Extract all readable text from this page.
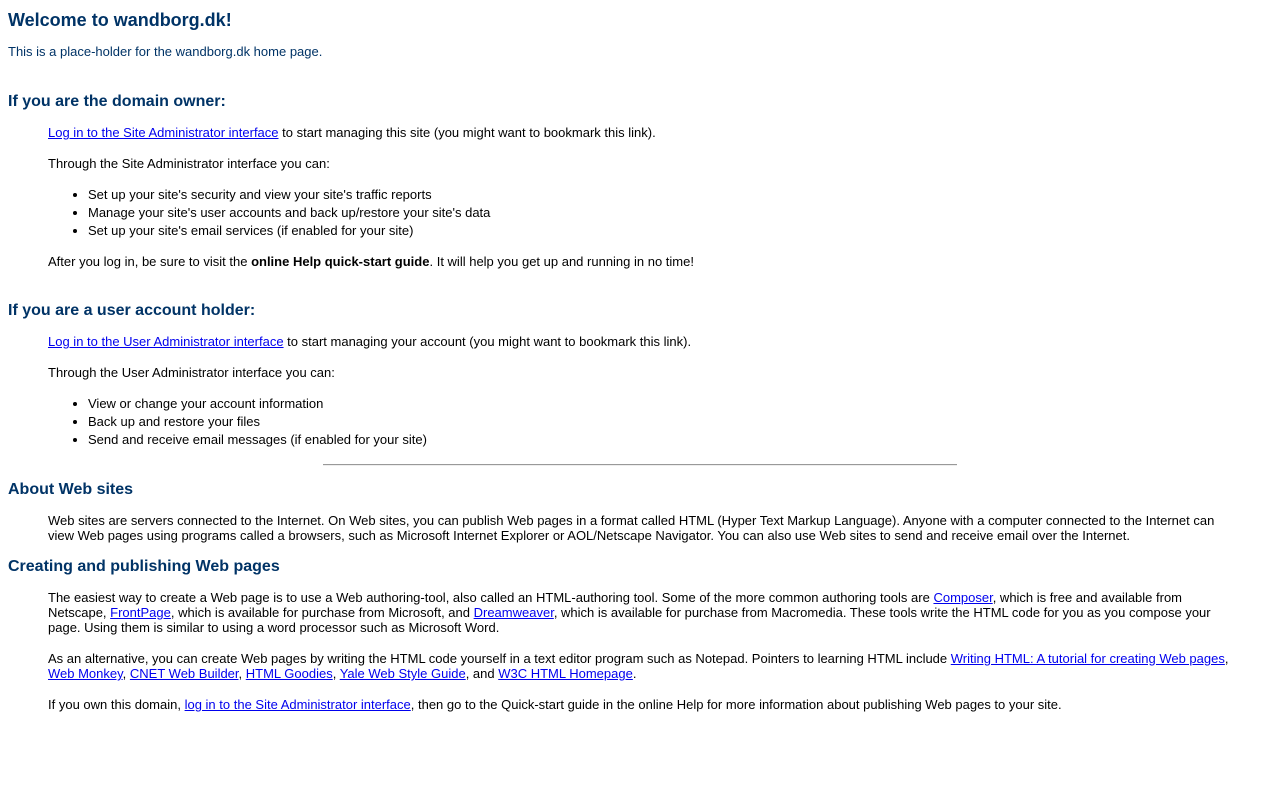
Welcome to wandborg.dk!

This is a place-holder for the wandborg.dk home page.

If you are the domain owner:

Log in to the Site Administrator interface to start managing this site (you might want to bookmark this link).

Through the Site Administrator interface you can:

• Set up your site's security and view your site's traffic reports
• Manage your site's user accounts and back up/restore your site's data
• Set up your site's email services (if enabled for your site)

After you log in, be sure to visit the online Help quick-start guide. It will help you get up and running in no time!

If you are a user account holder:

Log in to the User Administrator interface to start managing your account (you might want to bookmark this link).

Through the User Administrator interface you can:

• View or change your account information
• Back up and restore your files
• Send and receive email messages (if enabled for your site)
About Web sites

Web sites are servers connected to the Internet. On Web sites, you can publish Web pages in a format called HTML (Hyper Text Markup Language). Anyone with a computer connected to the Internet can view Web pages using programs called a browsers, such as Microsoft Internet Explorer or AOL/Netscape Navigator. You can also use Web sites to send and receive email over the Internet.

Creating and publishing Web pages

The easiest way to create a Web page is to use a Web authoring-tool, also called an HTML-authoring tool. Some of the more common authoring tools are Composer, which is free and available from Netscape, FrontPage, which is available for purchase from Microsoft, and Dreamweaver, which is available for purchase from Macromedia. These tools write the HTML code for you as you compose your page. Using them is similar to using a word processor such as Microsoft Word.

As an alternative, you can create Web pages by writing the HTML code yourself in a text editor program such as Notepad. Pointers to learning HTML include Writing HTML: A tutorial for creating Web pages, Web Monkey, CNET Web Builder, HTML Goodies, Yale Web Style Guide, and W3C HTML Homepage.

If you own this domain, log in to the Site Administrator interface, then go to the Quick-start guide in the online Help for more information about publishing Web pages to your site.
